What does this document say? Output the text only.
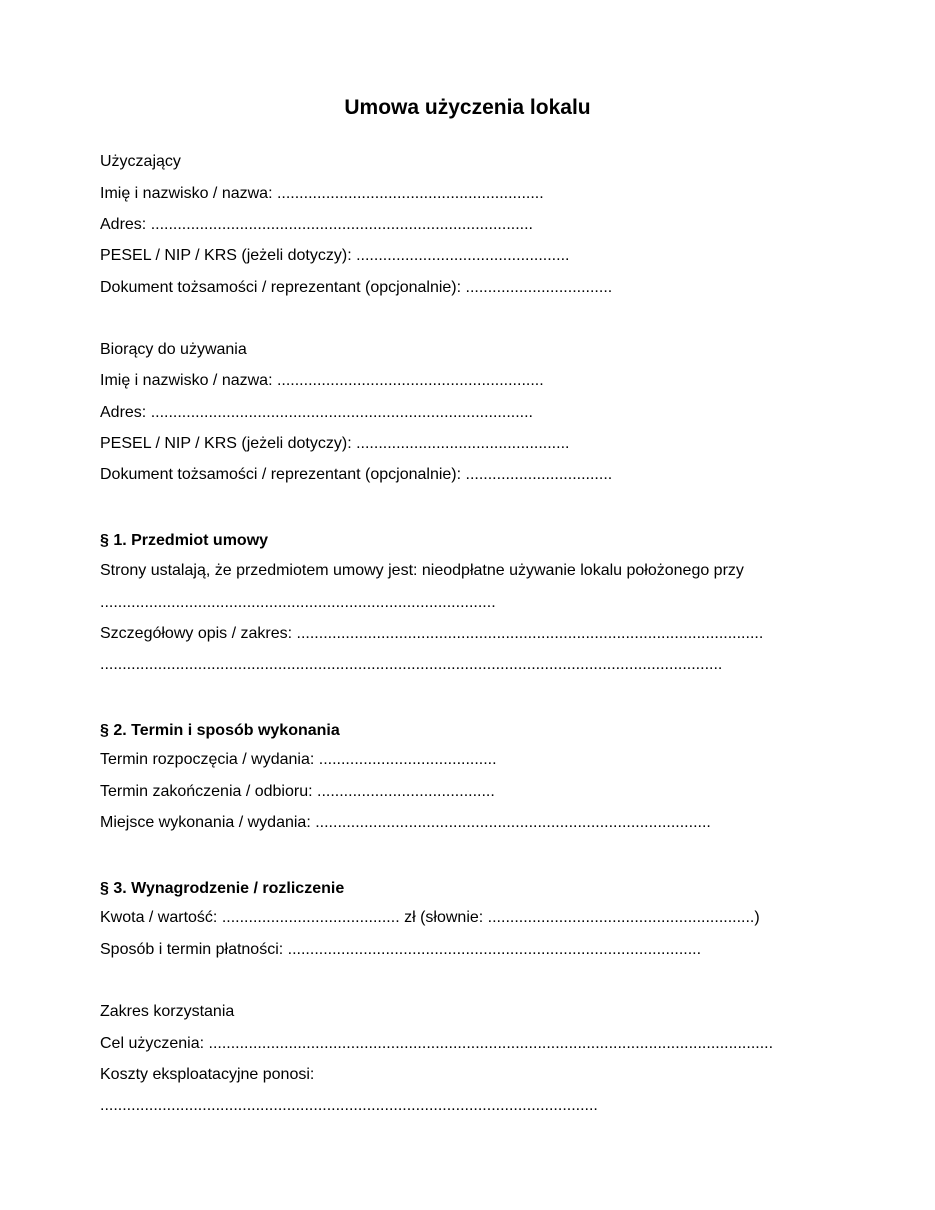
Umowa użyczenia lokalu
Użyczający
Imię i nazwisko / nazwa: ............................................................
Adres: ......................................................................................
PESEL / NIP / KRS (jeżeli dotyczy): ................................................
Dokument tożsamości / reprezentant (opcjonalnie): .................................
Biorący do używania
Imię i nazwisko / nazwa: ............................................................
Adres: ......................................................................................
PESEL / NIP / KRS (jeżeli dotyczy): ................................................
Dokument tożsamości / reprezentant (opcjonalnie): .................................
§ 1. Przedmiot umowy
Strony ustalają, że przedmiotem umowy jest: nieodpłatne używanie lokalu położonego przy
.........................................................................................
Szczegółowy opis / zakres: .........................................................................................................
............................................................................................................................................
§ 2. Termin i sposób wykonania
Termin rozpoczęcia / wydania: ........................................
Termin zakończenia / odbioru: ........................................
Miejsce wykonania / wydania: .........................................................................................
§ 3. Wynagrodzenie / rozliczenie
Kwota / wartość: ........................................ zł (słownie: ............................................................)
Sposób i termin płatności: .............................................................................................
Zakres korzystania
Cel użyczenia: ...............................................................................................................................
Koszty eksploatacyjne ponosi:
................................................................................................................
